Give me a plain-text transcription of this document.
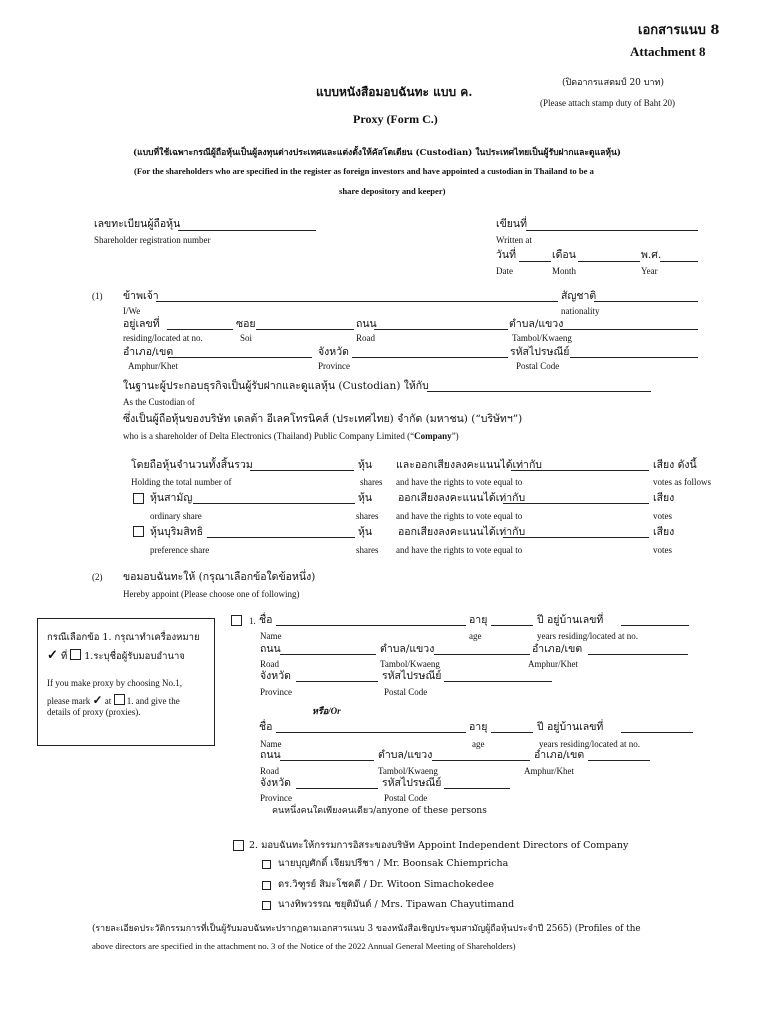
เอกสารแนบ 8
Attachment 8
แบบหนังสือมอบฉันทะ แบบ ค.
(ปิดอากรแสตมป์ 20 บาท)
(Please attach stamp duty of Baht 20)
Proxy (Form C.)
(แบบที่ใช้เฉพาะกรณีผู้ถือหุ้นเป็นผู้ลงทุนต่างประเทศและแต่งตั้งให้คัสโตเดียน (Custodian) ในประเทศไทยเป็นผู้รับฝากและดูแลหุ้น)
(For the shareholders who are specified in the register as foreign investors and have appointed a custodian in Thailand to be a
share depository and keeper)
เลขทะเบียนผู้ถือหุ้น
Shareholder registration number
เขียนที่
Written at
วันที่	เดือน	พ.ศ.
Date	Month	Year
(1) ข้าพเจ้า	สัญชาติ
I/We	nationality
อยู่เลขที่	ซอย	ถนน	ตำบล/แขวง
residing/located at no.	Soi	Road	Tambol/Kwaeng
อำเภอ/เขต	จังหวัด	รหัสไปรษณีย์
Amphur/Khet	Province	Postal Code
ในฐานะผู้ประกอบธุรกิจเป็นผู้รับฝากและดูแลหุ้น (Custodian) ให้กับ
As the Custodian of
ซึ่งเป็นผู้ถือหุ้นของบริษัท เดลต้า อีเลคโทรนิคส์ (ประเทศไทย) จำกัด (มหาชน) (“บริษัทฯ”)
who is a shareholder of Delta Electronics (Thailand) Public Company Limited (“Company”)
โดยถือหุ้นจำนวนทั้งสิ้นรวม	หุ้น และออกเสียงลงคะแนนได้เท่ากับ	เสียง ดังนี้
Holding the total number of	shares and have the rights to vote equal to	votes as follows
หุ้นสามัญ	หุ้น ออกเสียงลงคะแนนได้เท่ากับ	เสียง
ordinary share	shares and have the rights to vote equal to	votes
หุ้นบุริมสิทธิ	หุ้น ออกเสียงลงคะแนนได้เท่ากับ	เสียง
preference share	shares and have the rights to vote equal to	votes
(2) ขอมอบฉันทะให้ (กรุณาเลือกข้อใดข้อหนึ่ง)
Hereby appoint (Please choose one of following)
กรณีเลือกข้อ 1. กรุณาทำเครื่องหมาย
✓ ที่ 1.ระบุชื่อผู้รับมอบอำนาจ
If you make proxy by choosing No.1,
please mark ✓ at 1. and give the
details of proxy (proxies).
1. ชื่อ	อายุ	ปี อยู่บ้านเลขที่
Name	age	years residing/located at no.
ถนน	ตำบล/แขวง	อำเภอ/เขต
Road	Tambol/Kwaeng	Amphur/Khet
จังหวัด	รหัสไปรษณีย์
Province	Postal Code
หรือ/Or
ชื่อ	อายุ	ปี อยู่บ้านเลขที่
Name	age	years residing/located at no.
ถนน	ตำบล/แขวง	อำเภอ/เขต
Road	Tambol/Kwaeng	Amphur/Khet
จังหวัด	รหัสไปรษณีย์
Province	Postal Code
คนหนึ่งคนใดเพียงคนเดียว/anyone of these persons
2. มอบฉันทะให้กรรมการอิสระของบริษัท Appoint Independent Directors of Company
นายบุญศักดิ์ เจียมปรีชา / Mr. Boonsak Chiempricha
ดร.วิฑูรย์ สิมะโชคดี / Dr. Witoon Simachokedee
นางทิพวรรณ ชยุติมันด์ / Mrs. Tipawan Chayutimand
(รายละเอียดประวัติกรรมการที่เป็นผู้รับมอบฉันทะปรากฏตามเอกสารแนบ 3 ของหนังสือเชิญประชุมสามัญผู้ถือหุ้นประจำปี 2565) (Profiles of the
above directors are specified in the attachment no. 3 of the Notice of the 2022 Annual General Meeting of Shareholders)
